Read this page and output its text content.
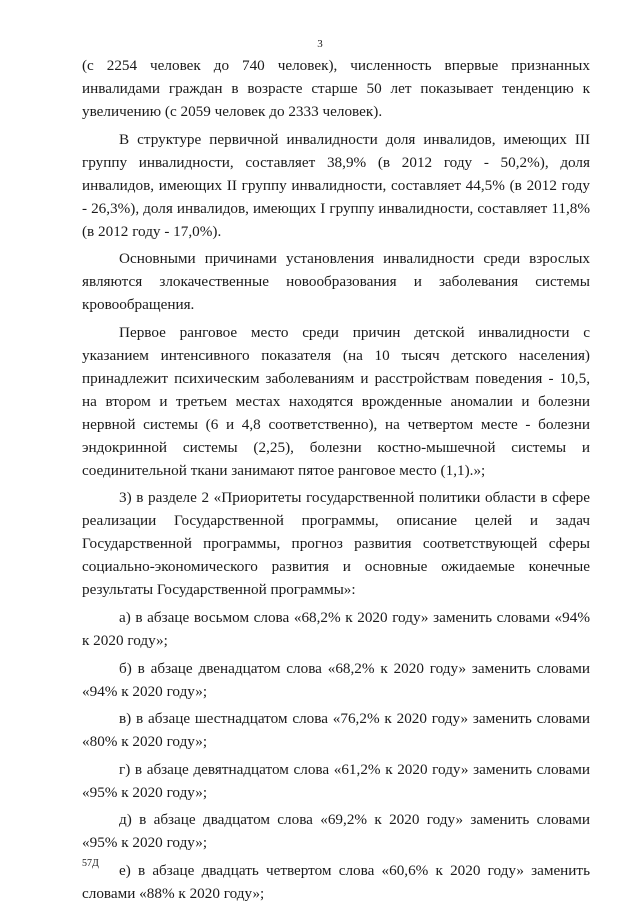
3

(с 2254 человек до 740 человек), численность впервые признанных инвалидами граждан в возрасте старше 50 лет показывает тенденцию к увеличению (с 2059 человек до 2333 человек).

В структуре первичной инвалидности доля инвалидов, имеющих III группу инвалидности, составляет 38,9% (в 2012 году - 50,2%), доля инвалидов, имеющих II группу инвалидности, составляет 44,5% (в 2012 году - 26,3%), доля инвалидов, имеющих I группу инвалидности, составляет 11,8% (в 2012 году - 17,0%).

Основными причинами установления инвалидности среди взрослых являются злокачественные новообразования и заболевания системы кровообращения.

Первое ранговое место среди причин детской инвалидности с указанием интенсивного показателя (на 10 тысяч детского населения) принадлежит психическим заболеваниям и расстройствам поведения - 10,5, на втором и третьем местах находятся врожденные аномалии и болезни нервной системы (6 и 4,8 соответственно), на четвертом месте - болезни эндокринной системы (2,25), болезни костно-мышечной системы и соединительной ткани занимают пятое ранговое место (1,1).»;

3) в разделе 2 «Приоритеты государственной политики области в сфере реализации Государственной программы, описание целей и задач Государственной программы, прогноз развития соответствующей сферы социально-экономического развития и основные ожидаемые конечные результаты Государственной программы»:

а) в абзаце восьмом слова «68,2% к 2020 году» заменить словами «94% к 2020 году»;

б) в абзаце двенадцатом слова «68,2% к 2020 году» заменить словами «94% к 2020 году»;

в) в абзаце шестнадцатом слова «76,2% к 2020 году» заменить словами «80% к 2020 году»;

г) в абзаце девятнадцатом слова «61,2% к 2020 году» заменить словами «95% к 2020 году»;

д) в абзаце двадцатом слова «69,2% к 2020 году» заменить словами «95% к 2020 году»;

е) в абзаце двадцать четвертом слова «60,6% к 2020 году» заменить словами «88% к 2020 году»;

57Д
